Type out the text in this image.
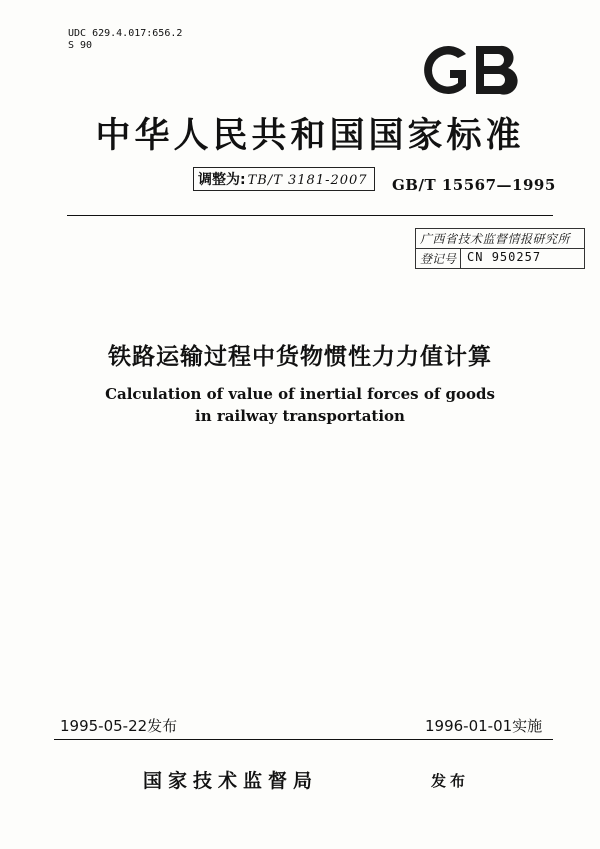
UDC 629.4.017:656.2
S 90
中华人民共和国国家标准
调整为: TB/T 3181-2007 GB/T 15567—1995
广西省技术监督情报研究所
登记号 CN 950257
铁路运输过程中货物惯性力力值计算
Calculation of value of inertial forces of goods
in railway transportation
1995-05-22发布	1996-01-01实施
国家技术监督局	发布
